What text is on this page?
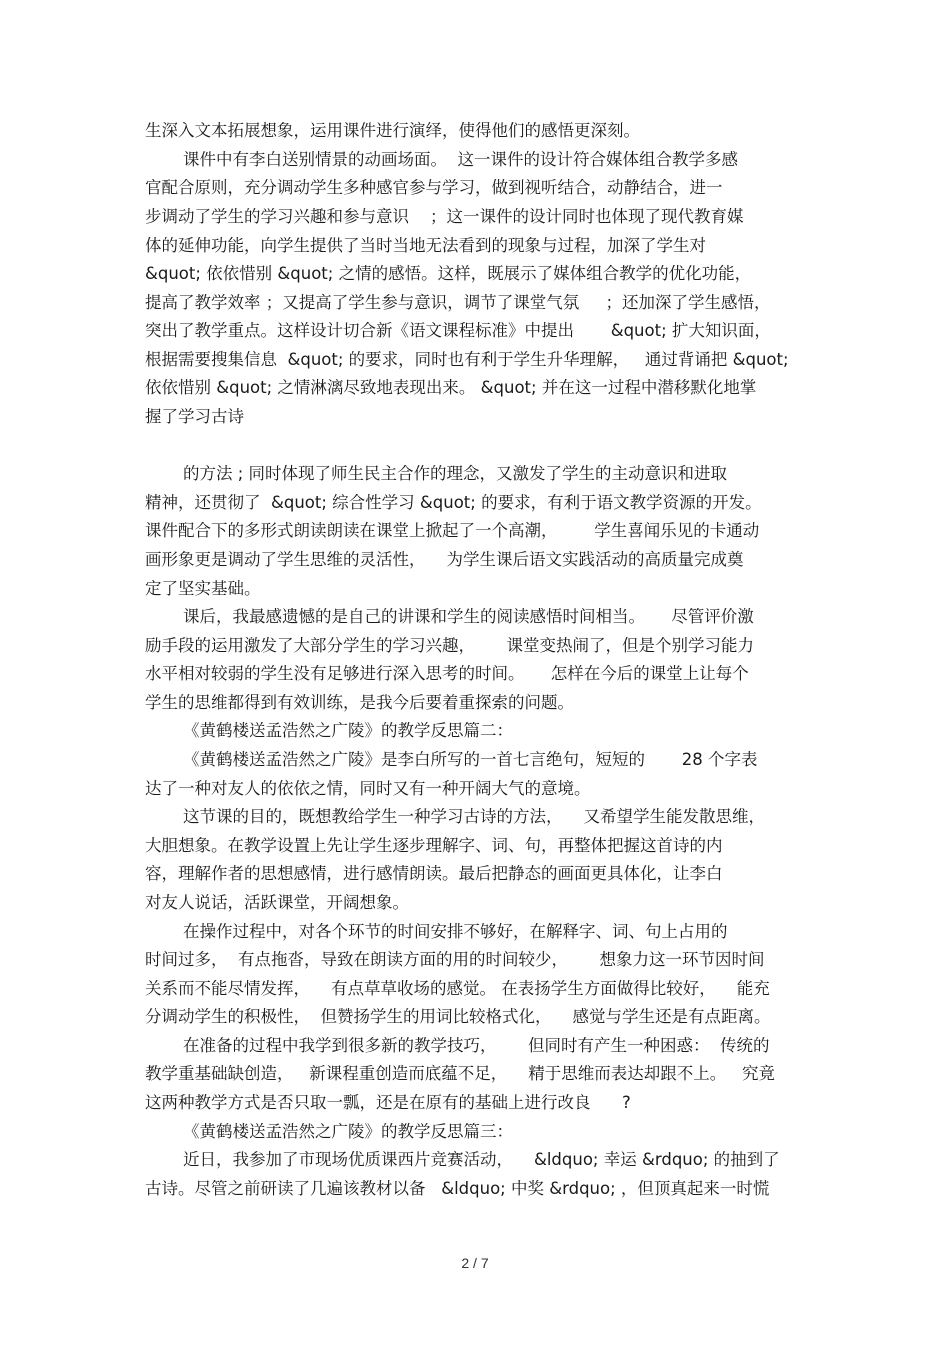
生深入文本拓展想象，运用课件进行演绎，使得他们的感悟更深刻。
课件中有李白送别情景的动画场面。  这一课件的设计符合媒体组合教学多感
官配合原则，充分调动学生多种感官参与学习，做到视听结合，动静结合，进一
步调动了学生的学习兴趣和参与意识    ；这一课件的设计同时也体现了现代教育媒
体的延伸功能，向学生提供了当时当地无法看到的现象与过程，加深了学生对
&quot; 依依惜别 &quot; 之情的感悟。这样，既展示了媒体组合教学的优化功能，
提高了教学效率 ；又提高了学生参与意识，调节了课堂气氛     ；还加深了学生感悟，
突出了教学重点。这样设计切合新《语文课程标准》中提出       &quot; 扩大知识面，
根据需要搜集信息  &quot; 的要求，同时也有利于学生升华理解，   通过背诵把 &quot;
依依惜别 &quot; 之情淋漓尽致地表现出来。 &quot; 并在这一过程中潜移默化地掌
握了学习古诗
的方法 ; 同时体现了师生民主合作的理念，又激发了学生的主动意识和进取
精神，还贯彻了  &quot; 综合性学习 &quot; 的要求，有利于语文教学资源的开发。
课件配合下的多形式朗读朗读在课堂上掀起了一个高潮，       学生喜闻乐见的卡通动
画形象更是调动了学生思维的灵活性，    为学生课后语文实践活动的高质量完成奠
定了坚实基础。
课后，我最感遗憾的是自己的讲课和学生的阅读感悟时间相当。     尽管评价激
励手段的运用激发了大部分学生的学习兴趣，      课堂变热闹了，但是个别学习能力
水平相对较弱的学生没有足够进行深入思考的时间。     怎样在今后的课堂上让每个
学生的思维都得到有效训练，是我今后要着重探索的问题。
《黄鹤楼送孟浩然之广陵》的教学反思篇二：
《黄鹤楼送孟浩然之广陵》是李白所写的一首七言绝句，短短的       28 个字表
达了一种对友人的依依之情，同时又有一种开阔大气的意境。
这节课的目的，既想教给学生一种学习古诗的方法，    又希望学生能发散思维，
大胆想象。在教学设置上先让学生逐步理解字、词、句，再整体把握这首诗的内
容，理解作者的思想感情，进行感情朗读。最后把静态的画面更具体化，让李白
对友人说话，活跃课堂，开阔想象。
在操作过程中，对各个环节的时间安排不够好，在解释字、词、句上占用的
时间过多，  有点拖沓，导致在朗读方面的用的时间较少，      想象力这一环节因时间
关系而不能尽情发挥，    有点草草收场的感觉。 在表扬学生方面做得比较好，    能充
分调动学生的积极性，  但赞扬学生的用词比较格式化，    感觉与学生还是有点距离。
在准备的过程中我学到很多新的教学技巧，      但同时有产生一种困惑：  传统的
教学重基础缺创造，   新课程重创造而底蕴不足，    精于思维而表达却跟不上。   究竟
这两种教学方式是否只取一瓢，还是在原有的基础上进行改良      ?
《黄鹤楼送孟浩然之广陵》的教学反思篇三：
近日，我参加了市现场优质课西片竞赛活动，    &ldquo; 幸运 &rdquo; 的抽到了
古诗。尽管之前研读了几遍该教材以备   &ldquo; 中奖 &rdquo; ，但顶真起来一时慌
2 / 7
